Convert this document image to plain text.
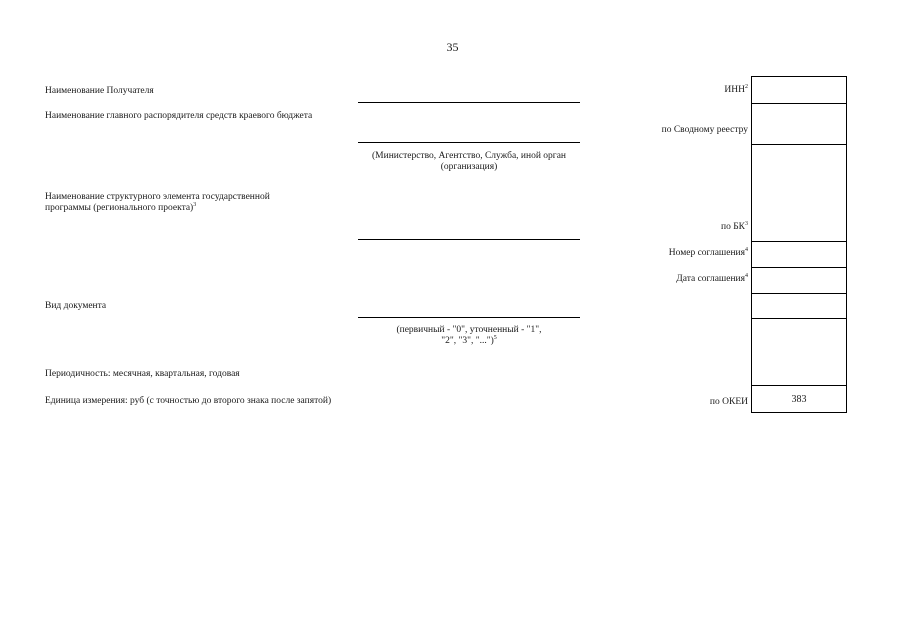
35
Наименование Получателя
Наименование главного распорядителя средств краевого бюджета
Наименование структурного элемента государственной программы (регионального проекта)$^3$
Вид документа
Периодичность: месячная, квартальная, годовая
Единица измерения: руб (с точностью до второго знака после запятой)
(Министерство, Агентство, Служба, иной орган (организация)
(первичный - "0", уточненный - "1",
"2", "3", "...")$^5$
ИНН$^2$
по Сводному реестру
по $БК^3$
Номер соглашения$^4$
Дата соглашения$^4$
по ОКЕИ	383
